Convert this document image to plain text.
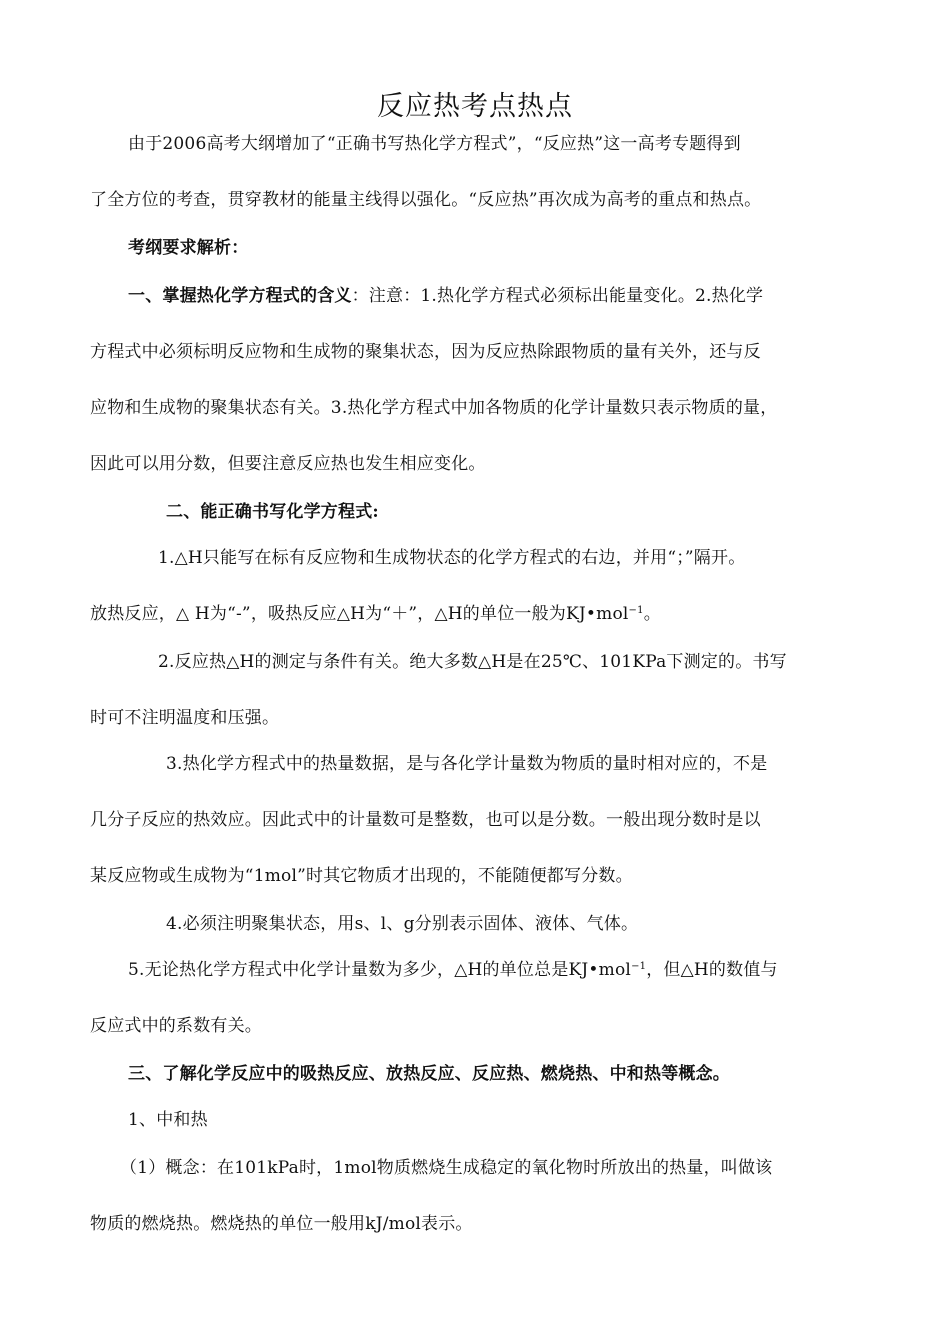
反应热考点热点
由于2006高考大纲增加了“正确书写热化学方程式”，“反应热”这一高考专题得到
了全方位的考查，贯穿教材的能量主线得以强化。“反应热”再次成为高考的重点和热点。
考纲要求解析：
一、掌握热化学方程式的含义：注意：1.热化学方程式必须标出能量变化。2.热化学
方程式中必须标明反应物和生成物的聚集状态，因为反应热除跟物质的量有关外，还与反
应物和生成物的聚集状态有关。3.热化学方程式中加各物质的化学计量数只表示物质的量，
因此可以用分数，但要注意反应热也发生相应变化。
二、能正确书写化学方程式:
1.△H只能写在标有反应物和生成物状态的化学方程式的右边，并用“；”隔开。
放热反应，△ H为“-”，吸热反应△H为“＋”，△H的单位一般为KJ•mol$^{-1}$。
2.反应热△H的测定与条件有关。绝大多数△H是在25℃、101KPa下测定的。书写
时可不注明温度和压强。
3.热化学方程式中的热量数据，是与各化学计量数为物质的量时相对应的，不是
几分子反应的热效应。因此式中的计量数可是整数，也可以是分数。一般出现分数时是以
某反应物或生成物为“1mol”时其它物质才出现的，不能随便都写分数。
4.必须注明聚集状态，用s、l、g分别表示固体、液体、气体。
5.无论热化学方程式中化学计量数为多少，△H的单位总是KJ•mol$^{-1}$，但△H的数值与
反应式中的系数有关。
三、了解化学反应中的吸热反应、放热反应、反应热、燃烧热、中和热等概念。
1、中和热
（1）概念：在101kPa时，1mol物质燃烧生成稳定的氧化物时所放出的热量，叫做该
物质的燃烧热。燃烧热的单位一般用kJ/mol表示。
